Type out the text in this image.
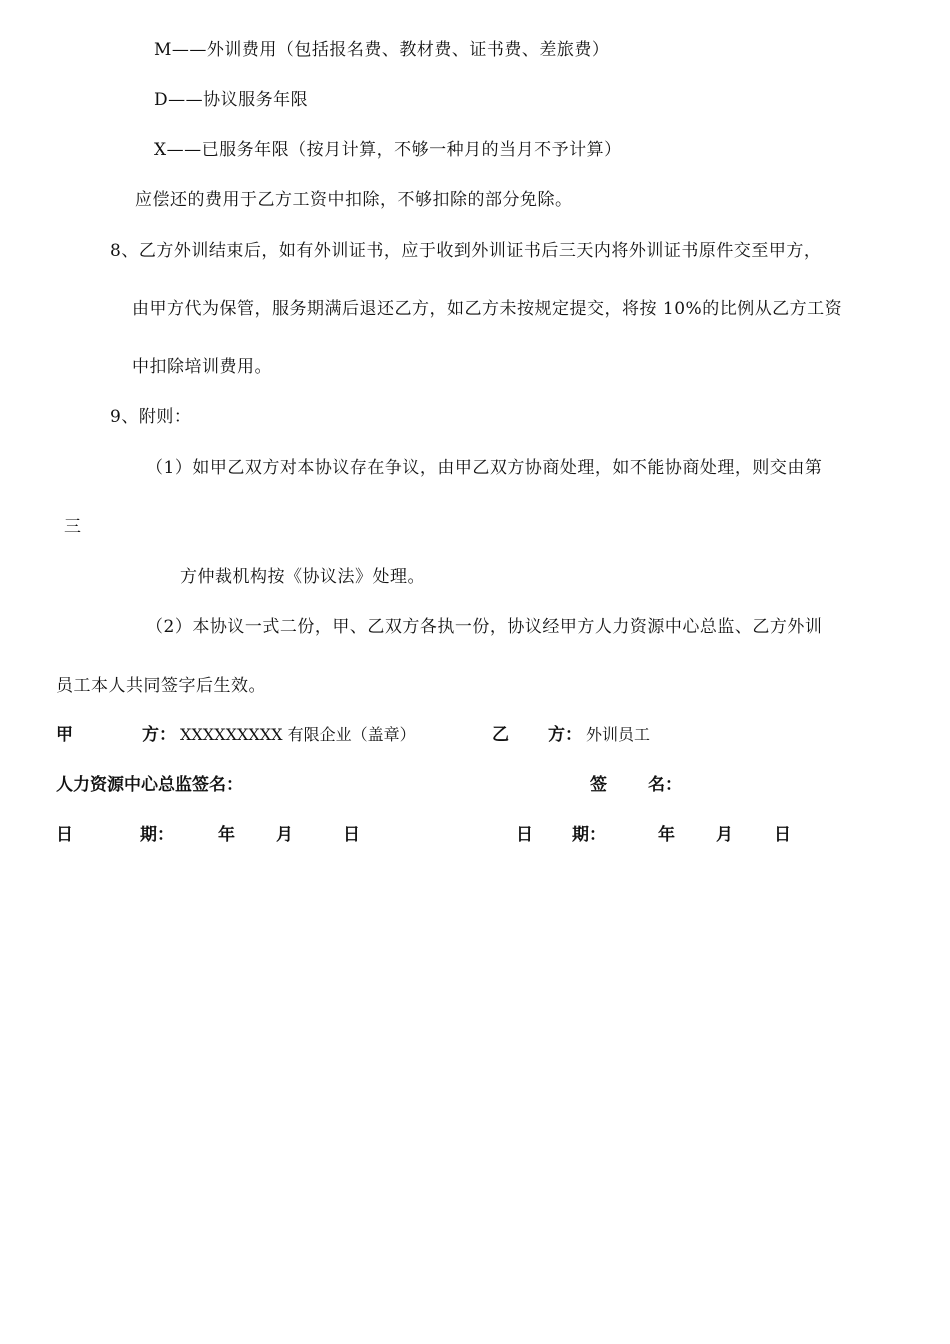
M——外训费用（包括报名费、教材费、证书费、差旅费）
D——协议服务年限
X——已服务年限（按月计算，不够一种月的当月不予计算）
应偿还的费用于乙方工资中扣除，不够扣除的部分免除。
8、乙方外训结束后，如有外训证书，应于收到外训证书后三天内将外训证书原件交至甲方，
由甲方代为保管，服务期满后退还乙方，如乙方未按规定提交，将按 10%的比例从乙方工资
中扣除培训费用。
9、附则：
（1）如甲乙双方对本协议存在争议，由甲乙双方协商处理，如不能协商处理，则交由第
三
方仲裁机构按《协议法》处理。
（2）本协议一式二份，甲、乙双方各执一份，协议经甲方人力资源中心总监、乙方外训
员工本人共同签字后生效。
甲	方： XXXXXXXXX 有限企业（盖章）	乙 方： 外训员工
人力资源中心总监签名：	签 名：
日	期：	年 月	日	日 期：	年 月 日
